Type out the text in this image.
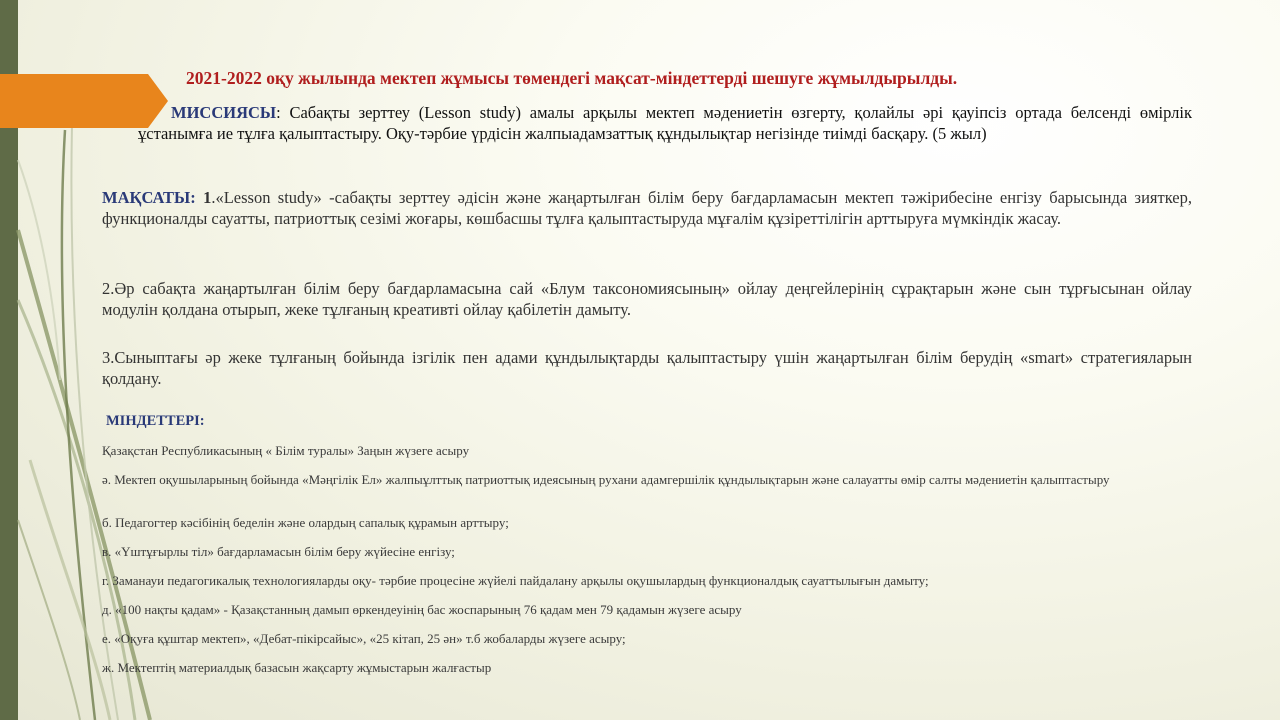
2021-2022 оқу жылында мектеп жұмысы төмендегі мақсат-міндеттерді шешуге жұмылдырылды.
МИССИЯСЫ: Сабақты зерттеу (Lesson study) амалы арқылы мектеп мәдениетін өзгерту, қолайлы әрі қауіпсіз ортада белсенді өмірлік ұстанымға ие тұлға қалыптастыру. Оқу-тәрбие үрдісін жалпыадамзаттық құндылықтар негізінде тиімді басқару. (5 жыл)
МАҚСАТЫ: 1.«Lesson study» -сабақты зерттеу әдісін және жаңартылған білім беру бағдарламасын мектеп тәжірибесіне енгізу барысында зияткер, функционалды сауатты, патриоттық сезімі жоғары, көшбасшы тұлға қалыптастыруда мұғалім құзіреттілігін арттыруға мүмкіндік жасау.
2.Әр сабақта жаңартылған білім беру бағдарламасына сай «Блум таксономиясының» ойлау деңгейлерінің сұрақтарын және сын тұрғысынан ойлау модулін қолдана отырып, жеке тұлғаның креативті ойлау қабілетін дамыту.
3.Сыныптағы әр жеке тұлғаның бойында ізгілік пен адами құндылықтарды қалыптастыру үшін жаңартылған білім берудің «smart» стратегияларын қолдану.
МІНДЕТТЕРІ:
Қазақстан Республикасының « Білім туралы» Заңын жүзеге асыру
ә. Мектеп оқушыларының бойында «Мәңгілік Ел» жалпыұлттық патриоттық идеясының рухани адамгершілік құндылықтарын және салауатты өмір салты мәдениетін қалыптастыру
б. Педагогтер кәсібінің беделін және олардың сапалық құрамын арттыру;
в. «Үштұғырлы тіл» бағдарламасын білім беру жүйесіне енгізу;
г. Заманауи педагогикалық технологияларды оқу- тәрбие процесіне жүйелі пайдалану арқылы оқушылардың функционалдық сауаттылығын дамыту;
д. «100 нақты қадам» - Қазақстанның дамып өркендеуінің бас жоспарының 76 қадам мен 79 қадамын жүзеге асыру
е. «Оқуға құштар мектеп», «Дебат-пікірсайыс», «25 кітап, 25 ән» т.б жобаларды жүзеге асыру;
ж. Мектептің материалдық базасын жақсарту жұмыстарын жалғастыр
